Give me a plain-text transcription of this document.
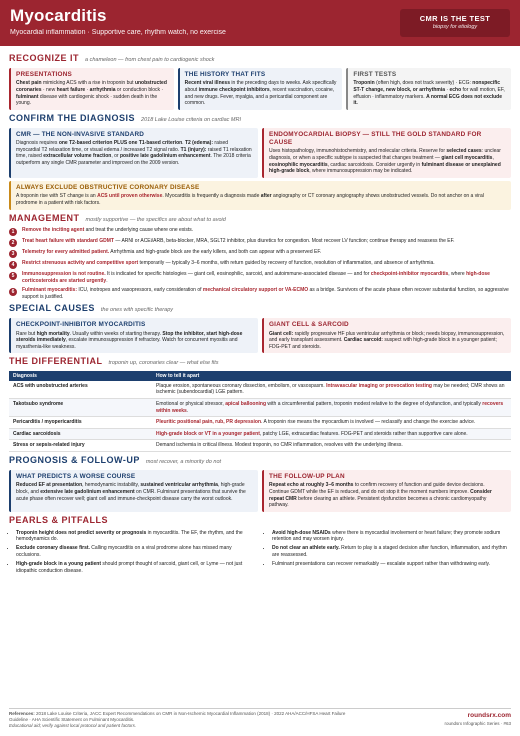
Myocarditis
Myocardial inflammation · Supportive care, rhythm watch, no exercise
CMR IS THE TEST
biopsy for etiology
RECOGNIZE IT a chameleon — from chest pain to cardiogenic shock
PRESENTATIONS
Chest pain mimicking ACS with a rise in troponin but unobstructed coronaries · new heart failure · arrhythmia or conduction block · fulminant disease with cardiogenic shock · sudden death in the young.
THE HISTORY THAT FITS
Recent viral illness in the preceding days to weeks. Ask specifically about immune checkpoint inhibitors, recent vaccination, cocaine, and new drugs. Fever, myalgia, and a pericardial component are common.
FIRST TESTS
Troponin (often high, does not track severity) · ECG: nonspecific ST-T change, new block, or arrhythmia · echo for wall motion, EF, effusion · inflammatory markers. A normal ECG does not exclude it.
CONFIRM THE DIAGNOSIS 2018 Lake Louise criteria on cardiac MRI
CMR — THE NON-INVASIVE STANDARD
Diagnosis requires one T2-based criterion PLUS one T1-based criterion. T2 (edema): raised myocardial T2 relaxation time, or visual edema / increased T2 signal ratio. T1 (injury): raised T1 relaxation time, raised extracellular volume fraction, or positive late gadolinium enhancement. The 2018 criteria outperform any single CMR parameter and improved on the 2009 version.
ENDOMYOCARDIAL BIOPSY — STILL THE GOLD STANDARD FOR CAUSE
Uses histopathology, immunohistochemistry, and molecular criteria. Reserve for selected cases: unclear diagnosis, or when a specific subtype is suspected that changes treatment — giant cell myocarditis, eosinophilic myocarditis, cardiac sarcoidosis. Consider urgently in fulminant disease or unexplained high-grade block, where immunosuppression may be indicated.
ALWAYS EXCLUDE OBSTRUCTIVE CORONARY DISEASE
A troponin rise with ST change is an ACS until proven otherwise. Myocarditis is frequently a diagnosis made after angiography or CT coronary angiography shows unobstructed vessels. Do not anchor on a viral prodrome in a patient with risk factors.
MANAGEMENT mostly supportive — the specifics are about what to avoid
1	Remove the inciting agent and treat the underlying cause where one exists.
2	Treat heart failure with standard GDMT — ARNI or ACEi/ARB, beta-blocker, MRA, SGLT2 inhibitor, plus diuretics for congestion. Most recover LV function; continue therapy and reassess the EF.
3	Telemetry for every admitted patient. Arrhythmia and high-grade block are the early killers, and both can appear with a preserved EF.
4	Restrict strenuous activity and competitive sport temporarily — typically 3–6 months, with return guided by recovery of function, resolution of inflammation, and absence of arrhythmia.
5	Immunosuppression is not routine. It is indicated for specific histologies — giant cell, eosinophilic, sarcoid, and autoimmune-associated disease — and for checkpoint-inhibitor myocarditis, where high-dose corticosteroids are started urgently.
6	Fulminant myocarditis: ICU, inotropes and vasopressors, early consideration of mechanical circulatory support or VA-ECMO as a bridge. Survivors of the acute phase often recover substantial function, so aggressive support is justified.
SPECIAL CAUSES the ones with specific therapy
CHECKPOINT-INHIBITOR MYOCARDITIS
Rare but high mortality. Usually within weeks of starting therapy. Stop the inhibitor, start high-dose steroids immediately, escalate immunosuppression if refractory. Watch for concurrent myositis and myasthenia-like weakness.
GIANT CELL & SARCOID
Giant cell: rapidly progressive HF plus ventricular arrhythmia or block; needs biopsy, immunosuppression, and early transplant assessment. Cardiac sarcoid: suspect with high-grade block in a younger patient; FDG-PET and steroids.
THE DIFFERENTIAL troponin up, coronaries clear — what else fits
Diagnosis	How to tell it apart
ACS with unobstructed arteries	Plaque erosion, spontaneous coronary dissection, embolism, or vasospasm. Intravascular imaging or provocation testing may be needed; CMR shows an ischemic (subendocardial) LGE pattern.
Takotsubo syndrome	Emotional or physical stressor, apical ballooning with a circumferential pattern, troponin modest relative to the degree of dysfunction, and typically recovers within weeks.
Pericarditis / myopericarditis	Pleuritic positional pain, rub, PR depression. A troponin rise means the myocardium is involved — reclassify and change the exercise advice.
Cardiac sarcoidosis	High-grade block or VT in a younger patient, patchy LGE, extracardiac features. FDG-PET and steroids rather than supportive care alone.
Stress or sepsis-related injury	Demand ischemia in critical illness. Modest troponin, no CMR inflammation, resolves with the underlying illness.
PROGNOSIS & FOLLOW-UP most recover, a minority do not
WHAT PREDICTS A WORSE COURSE
Reduced EF at presentation, hemodynamic instability, sustained ventricular arrhythmia, high-grade block, and extensive late gadolinium enhancement on CMR. Fulminant presentations that survive the acute phase often recover well; giant cell and immune-checkpoint disease carry the worst outlook.
THE FOLLOW-UP PLAN
Repeat echo at roughly 3–6 months to confirm recovery of function and guide device decisions. Continue GDMT while the EF is reduced, and do not stop it the moment numbers improve. Consider repeat CMR before clearing an athlete. Persistent dysfunction becomes a chronic cardiomyopathy pathway.
PEARLS & PITFALLS
• Troponin height does not predict severity or prognosis in myocarditis. The EF, the rhythm, and the hemodynamics do.
• Exclude coronary disease first. Calling myocarditis on a viral prodrome alone has missed many occlusions.
• High-grade block in a young patient should prompt thought of sarcoid, giant cell, or Lyme — not just idiopathic conduction disease.
• Avoid high-dose NSAIDs where there is myocardial involvement or heart failure; they promote sodium retention and may worsen injury.
• Do not clear an athlete early. Return to play is a staged decision after function, inflammation, and rhythm are reassessed.
• Fulminant presentations can recover remarkably — escalate support rather than withdrawing early.
References: 2018 Lake Louise Criteria, JACC Expert Recommendations on CMR in Non-Ischemic Myocardial Inflammation (2018) · 2022 AHA/ACC/HFSA Heart Failure
Guideline · AHA Scientific Statement on Fulminant Myocarditis.
Educational aid; verify against local protocol and patient factors.
roundsrx.com
roundsrx Infographic Series · #63
